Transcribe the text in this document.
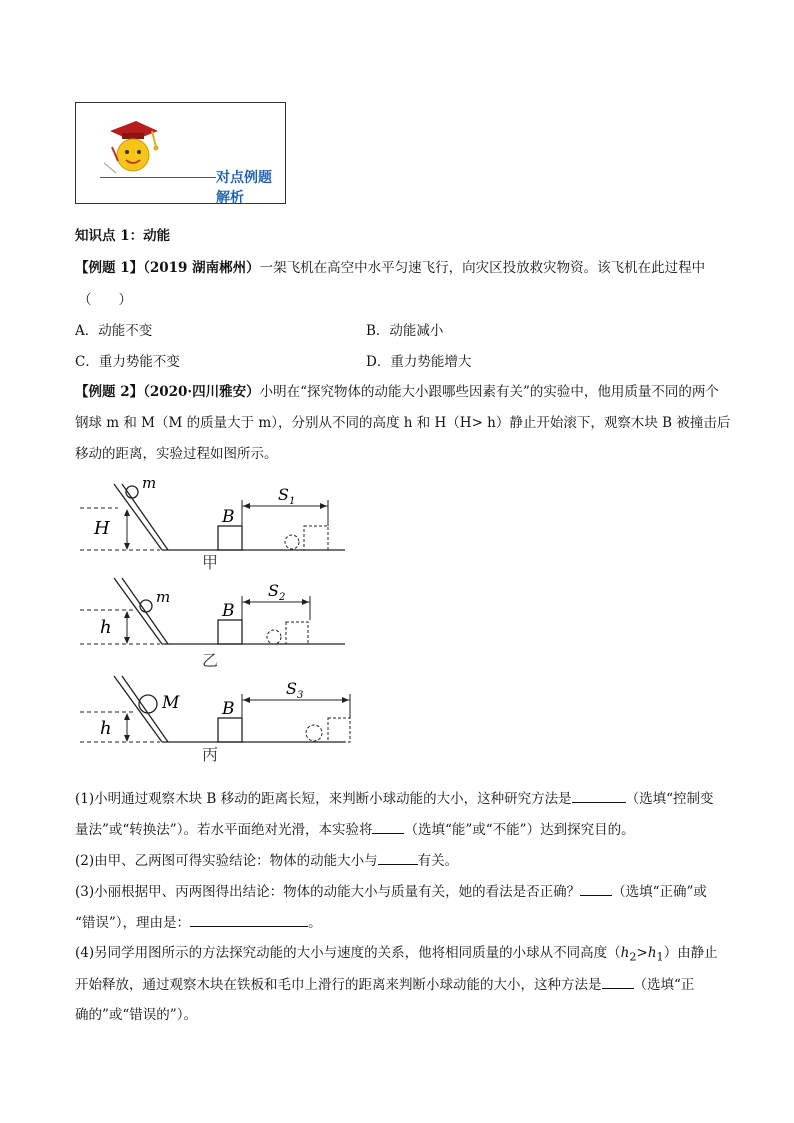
对点例题解析
知识点 1：动能
【例题 1】（2019 湖南郴州）一架飞机在高空中水平匀速飞行，向灾区投放救灾物资。该飞机在此过程中
（　　）
A．动能不变	B．动能减小
C．重力势能不变	D．重力势能增大
【例题 2】（2020·四川雅安）小明在“探究物体的动能大小跟哪些因素有关”的实验中，他用质量不同的两个
钢球 m 和 M（M 的质量大于 m），分别从不同的高度 h 和 H（H> h）静止开始滚下，观察木块 B 被撞击后
移动的距离，实验过程如图所示。
H
m
B
$S_1$
甲
h
m
B
$S_2$
乙
h
M	B
$S_3$
丙
(1)小明通过观察木块 B 移动的距离长短，来判断小球动能的大小，这种研究方法是	（选填“控制变
量法”或“转换法”）。若水平面绝对光滑，本实验将 （选填“能”或“不能”）达到探究目的。
(2)由甲、乙两图可得实验结论：物体的动能大小与	有关。
(3)小丽根据甲、丙两图得出结论：物体的动能大小与质量有关，她的看法是否正确？ （选填“正确”或
“错误”），理由是：	。
(4)另同学用图所示的方法探究动能的大小与速度的关系，他将相同质量的小球从不同高度$(h_2>h_1)$由静止
开始释放，通过观察木块在铁板和毛巾上滑行的距离来判断小球动能的大小，这种方法是 （选填“正
确的”或“错误的”）。
